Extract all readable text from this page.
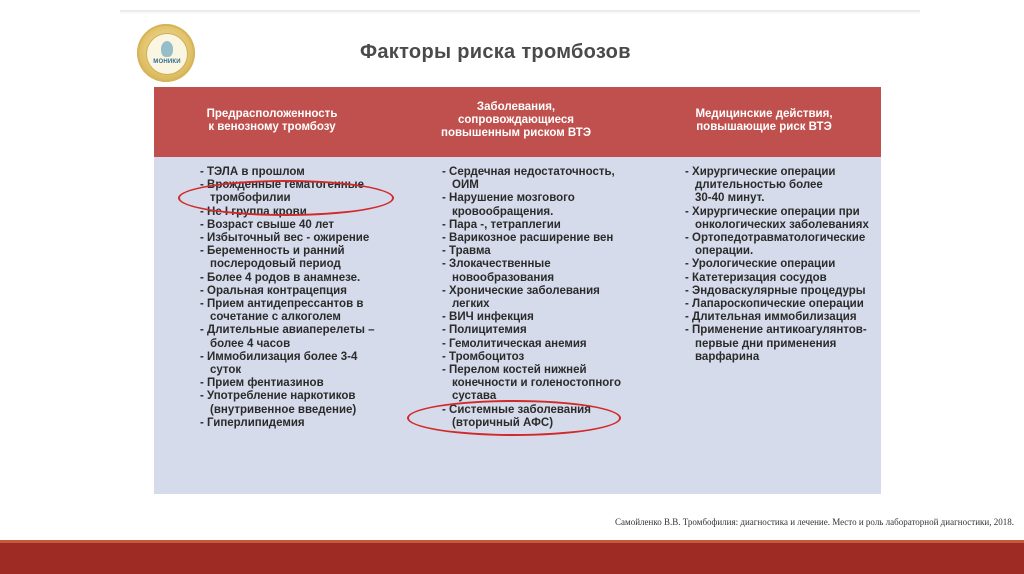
МОНИКИ	Факторы риска тромбозов
Предрасположенность
к венозному тромбозу
Заболевания,
сопровождающиеся
повышенным риском ВТЭ
Медицинские действия,
повышающие риск ВТЭ
- ТЭЛА в прошлом
- Врожденные гематогенные
тромбофилии
- Не I группа крови
- Возраст свыше 40 лет
- Избыточный вес - ожирение
- Беременность и ранний
послеродовый период
- Более 4 родов в анамнезе.
- Оральная контрацепция
- Прием антидепрессантов в
сочетание с алкоголем
- Длительные авиаперелеты –
более 4 часов
- Иммобилизация более 3-4
суток
- Прием фентиазинов
- Употребление наркотиков
(внутривенное введение)
- Гиперлипидемия
- Сердечная недостаточность,
ОИМ
- Нарушение мозгового
кровообращения.
- Пара -, тетраплегии
- Варикозное расширение вен
- Травма
- Злокачественные
новообразования
- Хронические заболевания
легких
- ВИЧ инфекция
- Полицитемия
- Гемолитическая анемия
- Тромбоцитоз
- Перелом костей нижней
конечности и голеностопного
сустава
- Системные заболевания
(вторичный АФС)
- Хирургические операции
длительностью более
30-40 минут.
- Хирургические операции при
онкологических заболеваниях
- Ортопедотравматологические
операции.
- Урологические операции
- Катетеризация сосудов
- Эндоваскулярные процедуры
- Лапароскопические операции
- Длительная иммобилизация
- Применение антикоагулянтов-
первые дни применения
варфарина
Самойленко В.В. Тромбофилия: диагностика и лечение. Место и роль лабораторной диагностики, 2018.
